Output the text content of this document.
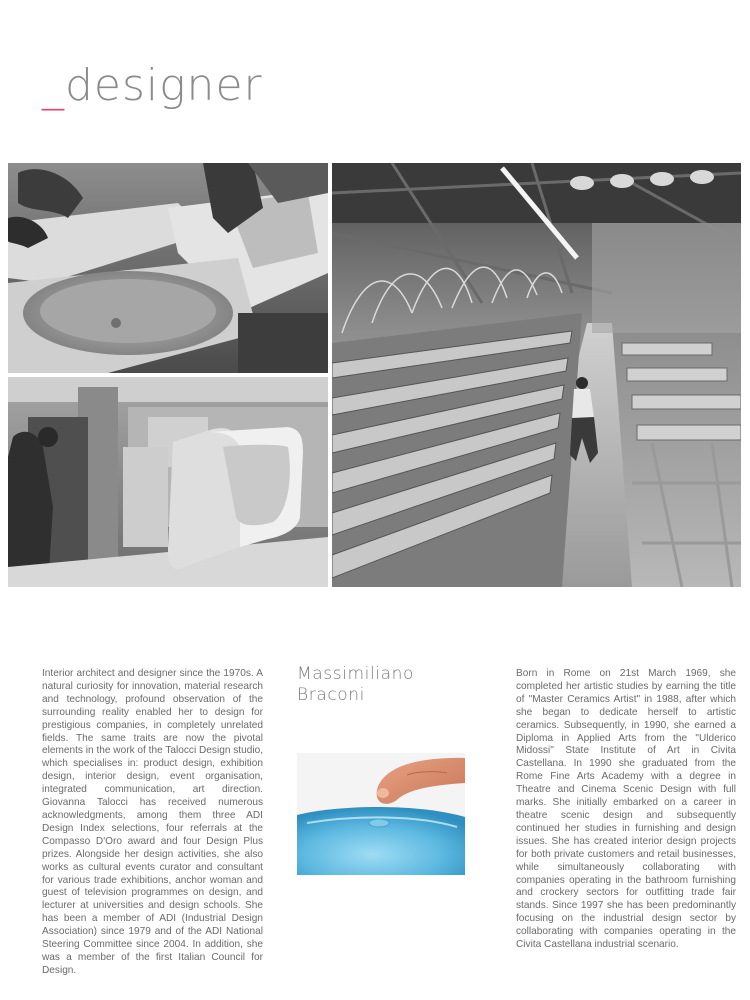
_designer

Interior architect and designer since the 1970s. A natural curiosity for innovation, material research and technology, profound observation of the surrounding reality enabled her to design for prestigious companies, in completely unrelated fields. The same traits are now the pivotal elements in the work of the Talocci Design studio, which specialises in: product design, exhibition design, interior design, event organisation, integrated communication, art direction. Giovanna Talocci has received numerous acknowledgments, among them three ADI Design Index selections, four referrals at the Compasso D'Oro award and four Design Plus prizes. Alongside her design activities, she also works as cultural events curator and consultant for various trade exhibitions, anchor woman and guest of television programmes on design, and lecturer at universities and design schools. She has been a member of ADI (Industrial Design Association) since 1979 and of the ADI National Steering Committee since 2004. In addition, she was a member of the first Italian Council for Design.

Massimiliano
Braconi

Born in Rome on 21st March 1969, she completed her artistic studies by earning the title of "Master Ceramics Artist" in 1988, after which she began to dedicate herself to artistic ceramics. Subsequently, in 1990, she earned a Diploma in Applied Arts from the "Ulderico Midossi" State Institute of Art in Civita Castellana. In 1990 she graduated from the Rome Fine Arts Academy with a degree in Theatre and Cinema Scenic Design with full marks. She initially embarked on a career in theatre scenic design and subsequently continued her studies in furnishing and design issues. She has created interior design projects for both private customers and retail businesses, while simultaneously collaborating with companies operating in the bathroom furnishing and crockery sectors for outfitting trade fair stands. Since 1997 she has been predominantly focusing on the industrial design sector by collaborating with companies operating in the Civita Castellana industrial scenario.
